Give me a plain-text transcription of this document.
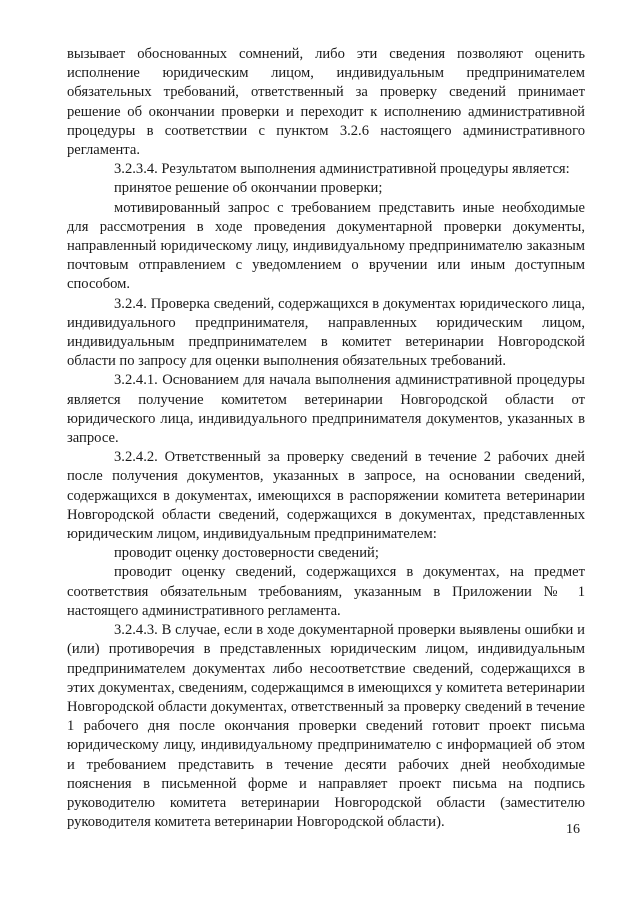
вызывает обоснованных сомнений, либо эти сведения позволяют оценить исполнение юридическим лицом, индивидуальным предпринимателем обязательных требований, ответственный за проверку сведений принимает решение об окончании проверки и переходит к исполнению административной процедуры в соответствии с пунктом 3.2.6 настоящего административного регламента.

3.2.3.4. Результатом выполнения административной процедуры является:

принятое решение об окончании проверки;

мотивированный запрос с требованием представить иные необходимые для рассмотрения в ходе проведения документарной проверки документы, направленный юридическому лицу, индивидуальному предпринимателю заказным почтовым отправлением с уведомлением о вручении или иным доступным способом.

3.2.4. Проверка сведений, содержащихся в документах юридического лица, индивидуального предпринимателя, направленных юридическим лицом, индивидуальным предпринимателем в комитет ветеринарии Новгородской области по запросу для оценки выполнения обязательных требований.

3.2.4.1. Основанием для начала выполнения административной процедуры является получение комитетом ветеринарии Новгородской области от юридического лица, индивидуального предпринимателя документов, указанных в запросе.

3.2.4.2. Ответственный за проверку сведений в течение 2 рабочих дней после получения документов, указанных в запросе, на основании сведений, содержащихся в документах, имеющихся в распоряжении комитета ветеринарии Новгородской области сведений, содержащихся в документах, представленных юридическим лицом, индивидуальным предпринимателем:

проводит оценку достоверности сведений;

проводит оценку сведений, содержащихся в документах, на предмет соответствия обязательным требованиям, указанным в Приложении № 1 настоящего административного регламента.

3.2.4.3. В случае, если в ходе документарной проверки выявлены ошибки и (или) противоречия в представленных юридическим лицом, индивидуальным предпринимателем документах либо несоответствие сведений, содержащихся в этих документах, сведениям, содержащимся в имеющихся у комитета ветеринарии Новгородской области документах, ответственный за проверку сведений в течение 1 рабочего дня после окончания проверки сведений готовит проект письма юридическому лицу, индивидуальному предпринимателю с информацией об этом и требованием представить в течение десяти рабочих дней необходимые пояснения в письменной форме и направляет проект письма на подпись руководителю комитета ветеринарии Новгородской области (заместителю руководителя комитета ветеринарии Новгородской области).	16
